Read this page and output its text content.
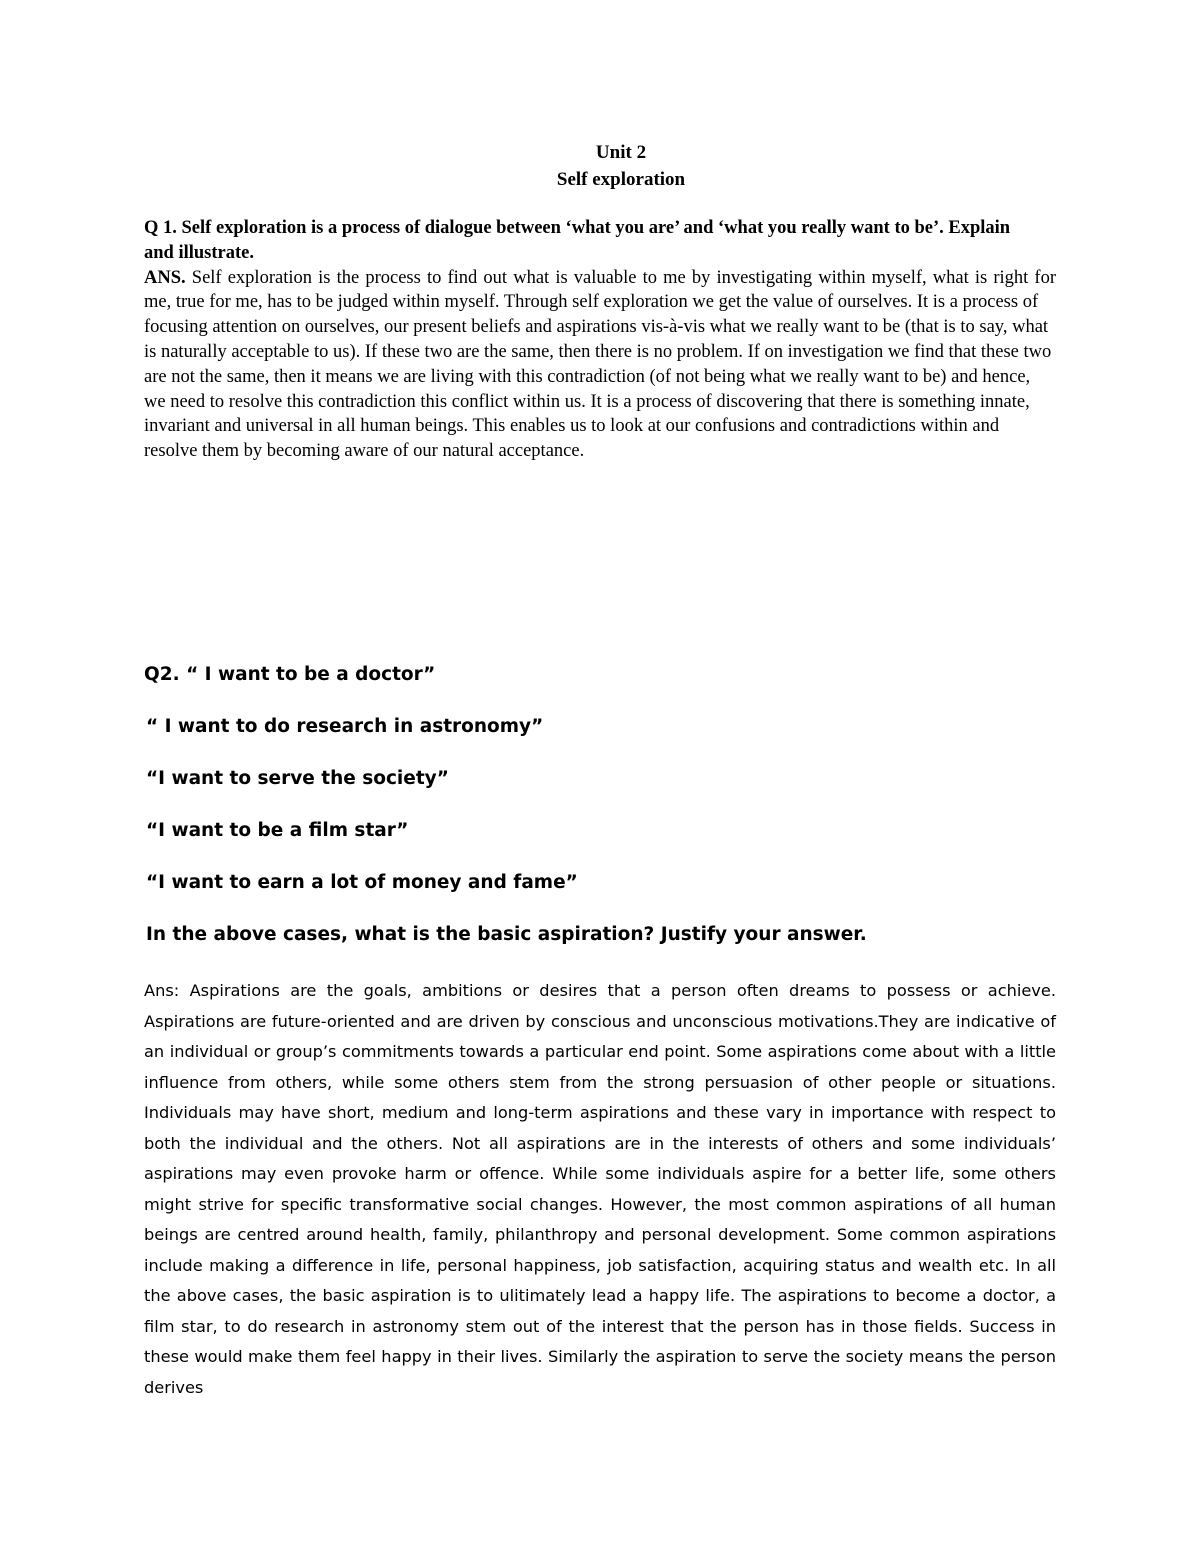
Unit 2
Self exploration

Q 1. Self exploration is a process of dialogue between ‘what you are’ and ‘what you really want to be’. Explain

and illustrate.

ANS. Self exploration is the process to find out what is valuable to me by investigating within myself, what is right for me, true for me, has to be judged within myself. Through self exploration we get the value of ourselves. It is a process of

focusing attention on ourselves, our present beliefs and aspirations vis-à-vis what we really want to be (that is to say, what

is naturally acceptable to us). If these two are the same, then there is no problem. If on investigation we find that these two

are not the same, then it means we are living with this contradiction (of not being what we really want to be) and hence,

we need to resolve this contradiction this conflict within us. It is a process of discovering that there is something innate,

invariant and universal in all human beings. This enables us to look at our confusions and contradictions within and

resolve them by becoming aware of our natural acceptance.

Q2. “ I want to be a doctor”

“ I want to do research in astronomy”

“I want to serve the society”

“I want to be a film star”

“I want to earn a lot of money and fame”

In the above cases, what is the basic aspiration? Justify your answer.

Ans: Aspirations are the goals, ambitions or desires that a person often dreams to possess or achieve. Aspirations are future-oriented and are driven by conscious and unconscious motivations.They are indicative of an individual or group’s commitments towards a particular end point. Some aspirations come about with a little influence from others, while some others stem from the strong persuasion of other people or situations. Individuals may have short, medium and long-term aspirations and these vary in importance with respect to both the individual and the others. Not all aspirations are in the interests of others and some individuals’ aspirations may even provoke harm or offence. While some individuals aspire for a better life, some others might strive for specific transformative social changes. However, the most common aspirations of all human beings are centred around health, family, philanthropy and personal development. Some common aspirations include making a difference in life, personal happiness, job satisfaction, acquiring status and wealth etc. In all the above cases, the basic aspiration is to ulitimately lead a happy life. The aspirations to become a doctor, a film star, to do research in astronomy stem out of the interest that the person has in those fields. Success in these would make them feel happy in their lives. Similarly the aspiration to serve the society means the person derives
